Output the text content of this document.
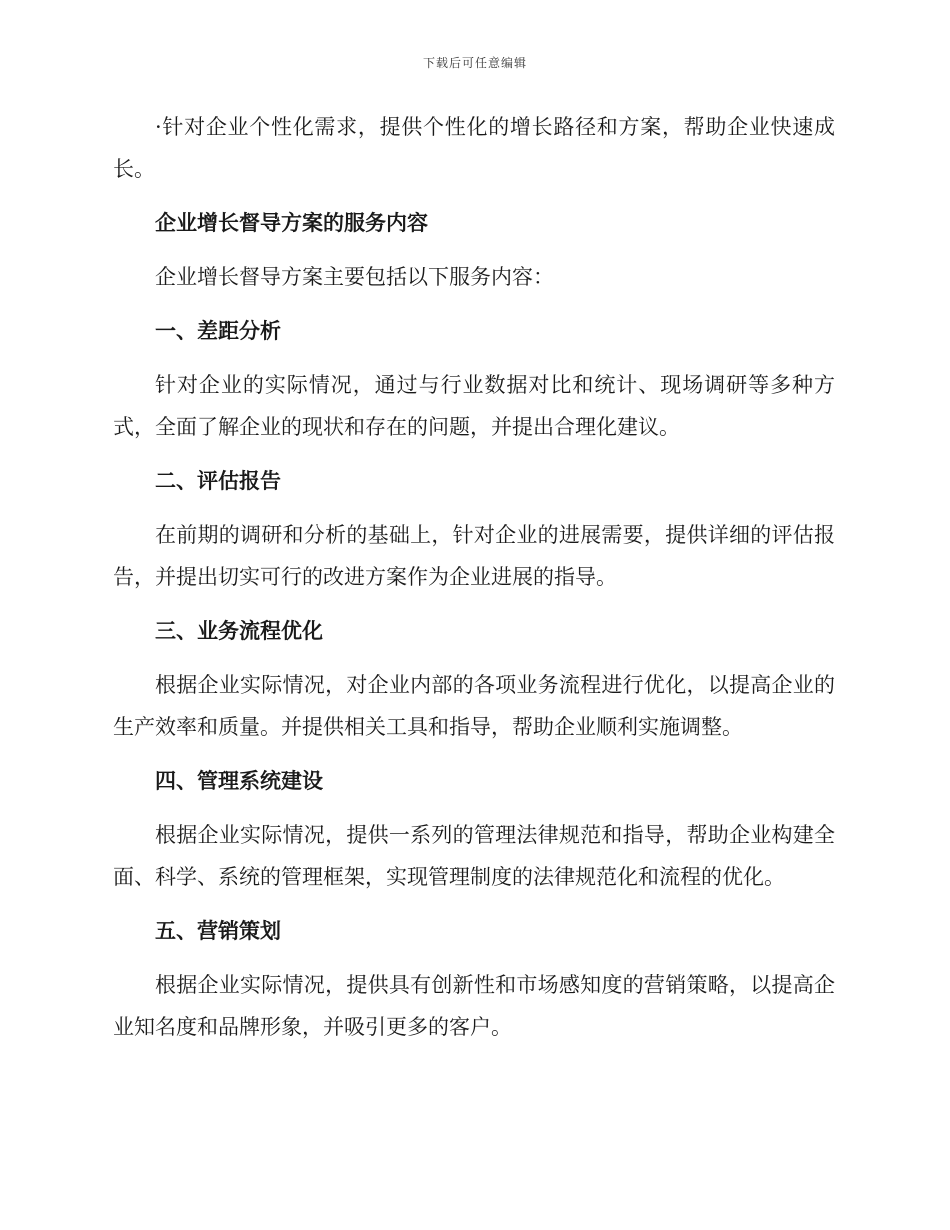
下载后可任意编辑

·针对企业个性化需求，提供个性化的增长路径和方案，帮助企业快速成长。

企业增长督导方案的服务内容

企业增长督导方案主要包括以下服务内容：

一、差距分析

针对企业的实际情况，通过与行业数据对比和统计、现场调研等多种方式，全面了解企业的现状和存在的问题，并提出合理化建议。

二、评估报告

在前期的调研和分析的基础上，针对企业的进展需要，提供详细的评估报告，并提出切实可行的改进方案作为企业进展的指导。

三、业务流程优化

根据企业实际情况，对企业内部的各项业务流程进行优化，以提高企业的生产效率和质量。并提供相关工具和指导，帮助企业顺利实施调整。

四、管理系统建设

根据企业实际情况，提供一系列的管理法律规范和指导，帮助企业构建全面、科学、系统的管理框架，实现管理制度的法律规范化和流程的优化。

五、营销策划

根据企业实际情况，提供具有创新性和市场感知度的营销策略，以提高企业知名度和品牌形象，并吸引更多的客户。
